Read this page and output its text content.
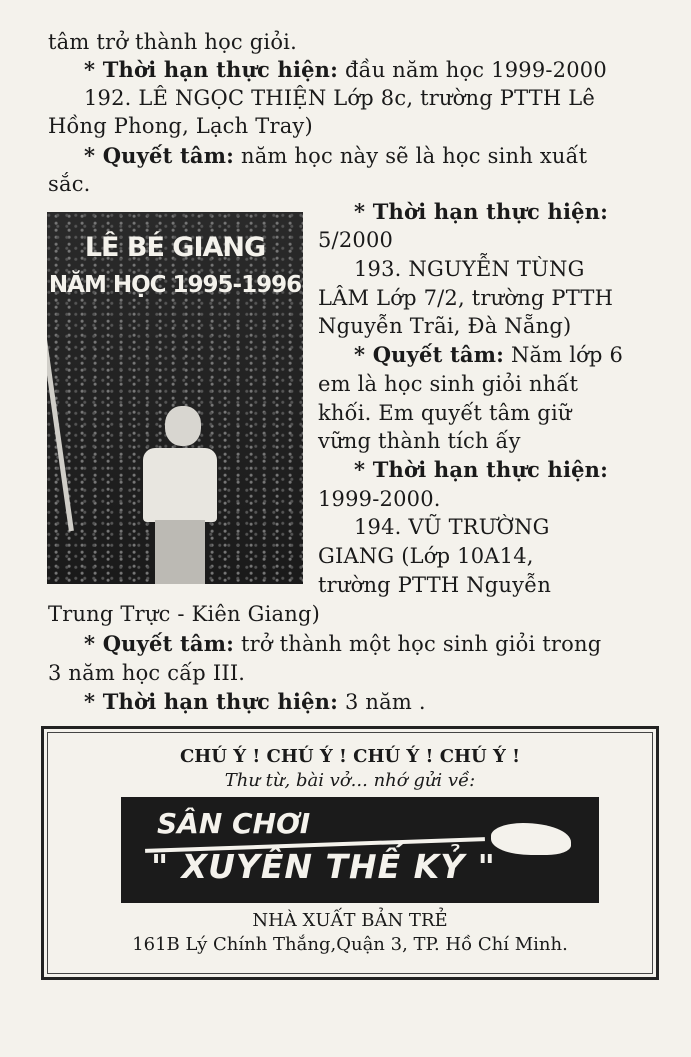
tâm trở thành học giỏi.
* Thời hạn thực hiện: đầu năm học 1999-2000
192. LÊ NGỌC THIỆN Lớp 8c, trường PTTH Lê
Hồng Phong, Lạch Tray)
* Quyết tâm: năm học này sẽ là học sinh xuất
sắc.
LÊ BÉ GIANG
NĂM HỌC 1995-1996
* Thời hạn thực hiện:
5/2000
193. NGUYỄN TÙNG
LÂM Lớp 7/2, trường PTTH
Nguyễn Trãi, Đà Nẵng)
* Quyết tâm: Năm lớp 6
em là học sinh giỏi nhất
khối. Em quyết tâm giữ
vững thành tích ấy
* Thời hạn thực hiện:
1999-2000.
194. VŨ TRƯỜNG
GIANG (Lớp 10A14,
trường PTTH Nguyễn
Trung Trực - Kiên Giang)
* Quyết tâm: trở thành một học sinh giỏi trong
3 năm học cấp III.
* Thời hạn thực hiện: 3 năm .
CHÚ Ý ! CHÚ Ý ! CHÚ Ý ! CHÚ Ý !
Thư từ, bài vở... nhớ gửi về:
SÂN CHƠI
" XUYÊN THẾ KỶ "
NHÀ XUẤT BẢN TRẺ
161B Lý Chính Thắng,Quận 3, TP. Hồ Chí Minh.
